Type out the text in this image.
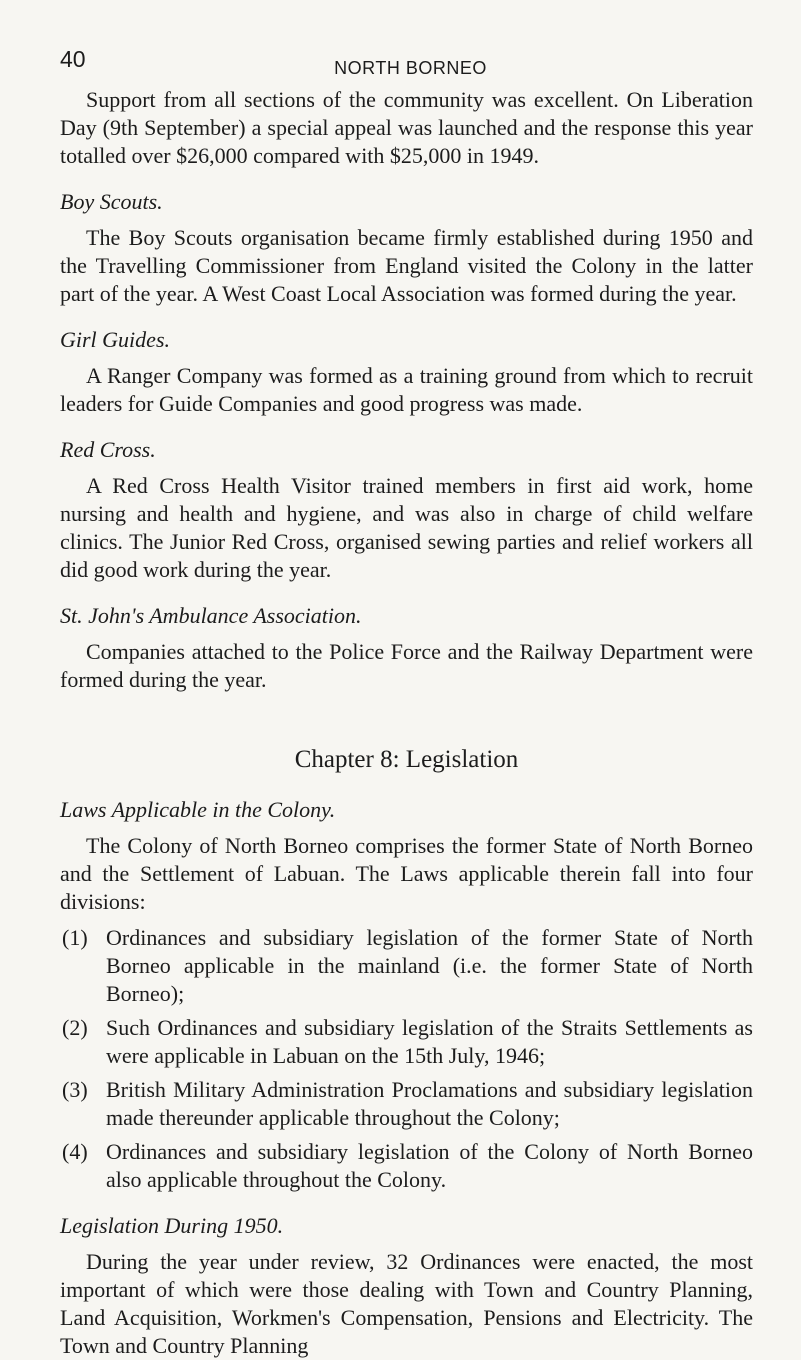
40	NORTH BORNEO

Support from all sections of the community was excellent. On Liberation Day (9th September) a special appeal was launched and the response this year totalled over $26,000 compared with $25,000 in 1949.

Boy Scouts.

The Boy Scouts organisation became firmly established during 1950 and the Travelling Commissioner from England visited the Colony in the latter part of the year. A West Coast Local Association was formed during the year.

Girl Guides.

A Ranger Company was formed as a training ground from which to recruit leaders for Guide Companies and good progress was made.

Red Cross.

A Red Cross Health Visitor trained members in first aid work, home nursing and health and hygiene, and was also in charge of child welfare clinics. The Junior Red Cross, organised sewing parties and relief workers all did good work during the year.

St. John's Ambulance Association.

Companies attached to the Police Force and the Railway Department were formed during the year.

Chapter 8: Legislation

Laws Applicable in the Colony.

The Colony of North Borneo comprises the former State of North Borneo and the Settlement of Labuan. The Laws applicable therein fall into four divisions:

(1) Ordinances and subsidiary legislation of the former State of North Borneo applicable in the mainland (i.e. the former State of North Borneo);
(2) Such Ordinances and subsidiary legislation of the Straits Settlements as were applicable in Labuan on the 15th July, 1946;
(3) British Military Administration Proclamations and subsidiary legislation made thereunder applicable throughout the Colony;
(4) Ordinances and subsidiary legislation of the Colony of North Borneo also applicable throughout the Colony.

Legislation During 1950.

During the year under review, 32 Ordinances were enacted, the most important of which were those dealing with Town and Country Planning, Land Acquisition, Workmen's Compensation, Pensions and Electricity. The Town and Country Planning
